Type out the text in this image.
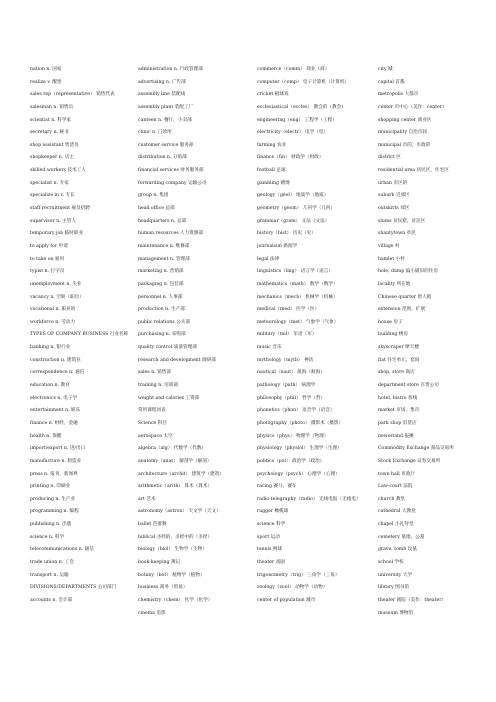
nation n. 国家
realize v. 醒悟
sales rep（representative） 销售代表
salesman n. 销售员
scientist n. 科学家
secretary n. 秘书
shop assistant 售货员
shopkeeper n. 店主
skilled workers 技术工人
specialist n. 专家
specialize in v. 专长
staff recruitment 雇员招聘
supervisor n. 主管人
temporary job 临时职业
to apply for 申请
to take on 雇用
typist n. 打字员
unemployment n. 失业
vacancy n. 空缺（职位）
vocational n. 职业的
workforce n. 劳动力
TYPES OF COMPANY BUSINESS 行业名称
banking n. 银行业
construction n. 建筑业
correspondence n. 通信
education n. 教育
electronics n. 电子学
entertainment n. 娱乐
finance n. 财经，金融
health n. 保健
import/export n. 进/出口
manufacture n. 制造业
press n. 报刊，新闻界
printing n. 印刷业
producing n. 生产业
programming n. 编程
publishing n. 出版
science n. 科学
telecommunications n. 通信
trade union n. 工会
transport n. 运输
DIVISIONS/DEPARTMENTS 公司部门
accounts n. 会计部
administration n. 行政管理部
advertising n. 广告部
assembly line 装配线
assembly plant 装配工厂
canteen n. 餐厅，小卖部
clinic n. 门诊所
customer service 服务部
distribution n. 分销部
financial services 财务服务部
forwarding company 运输公司
group n. 集团
head office 总部
headquarters n. 总部
human resources 人力资源部
maintenance n. 维修部
management n. 管理部
marketing n. 营销部
packaging n. 包装部
personnel n. 人事部
production n. 生产部
public relations 公关部
purchasing n. 采购部
quality control 质量管理部
research and development 调研部
sales n. 销售部
training n. 培训部
weight and calories 工资部
常用课程词表
Science 科目
aerospace 太空
algebra（alg） 代数学（代数）
anatomy（anat） 解剖学（解剖）
architecture（archit） 建筑学（建筑）
arithmetic（arith） 算术（算术）
art 艺术
astronomy（astron） 天文学（天文）
ballet 芭蕾舞
biblical 圣经的、圣经中的（圣经）
biology（biol） 生物学（生物）
book-keeping 簿记
botany（bot） 植物学（植物）
business 商务（贸易）
chemistry（chem） 化学（化学）
cinema 电影
commerce（comm） 商业（商）
computer（comp） 电子计算机（计算机）
cricket 板球戏
ecclesiastical（eccles） 教会的（教会）
engineering（eng） 工程学（工程）
electricity（electr） 电学（电）
farming 农业
finance（fin） 财政学（财政）
football 足球
gambling 赌博
geology（geol） 地质学（地质）
geometry（geom） 几何学（几何）
grammar（gram） 文法（文法）
history（hist） 历史（史）
journalism 新闻学
legal 法律
linguistics（ling） 语言学（语言）
mathematics（math） 数学（数学）
mechanics（mech） 机械学（机械）
medical（med） 医学（医）
meteorology（met） 气象学（气象）
military（mil） 军语（军）
music 音乐
mythology（myth） 神话
nautical（naut） 航海（航海）
pathology（path） 病理学
philosophy（phil） 哲学（哲）
phonetics（phon） 语音学（语音）
photography（photo） 摄影术（摄影）
physics（phys） 物理学（物理）
physiology（physiol） 生理学（生理）
politics（pol） 政治学（政治）
psychology（psych） 心理学（心理）
racing 赛马，赛车
radio-telegraphy（radio） 无线电报（无线电）
rugger 橄榄球
science 科学
sport 运动
tennis 网球
theater 戏剧
trigonometry（trig） 三角学（三角）
zoology（zool） 动物学（动物）
center of population 城市
city 城
capital 首都
metropolis 大都市
center 市中心（美作：center）
shopping center 商业区
municipality 自治市间
municipal 市的，市政的
district 区
residential area 居民区，住宅区
urban 市区的
suburb 近郊区
outskirts 郊区
slums 贫民窟，贫民区
shantytown 贫民
village 村
hamlet 小村
hole, dump 偏小破旧的住房
locality 所在地
Chinese quarter 唐人街
extension 范围，扩展
house 房子
building 楼房
skyscraper 摩天楼
flat 住宅单元，套间
shop, store 商店
department store 百货公司
hotel, bistro 客栈
market 市场，集市
park shop 旧货店
newsstand 报摊
Commodity Exchange 商品交易所
Stock Exchange 证券交易所
town hall 市政厅
Law-court 法院
church 教堂
cathedral 大教堂
chapel 小礼拜堂
cemetery 墓地，公墓
grave, tomb 坟墓
school 学校
university 大学
library 图书馆
theater 剧院（美作：theater）
museum 博物馆
